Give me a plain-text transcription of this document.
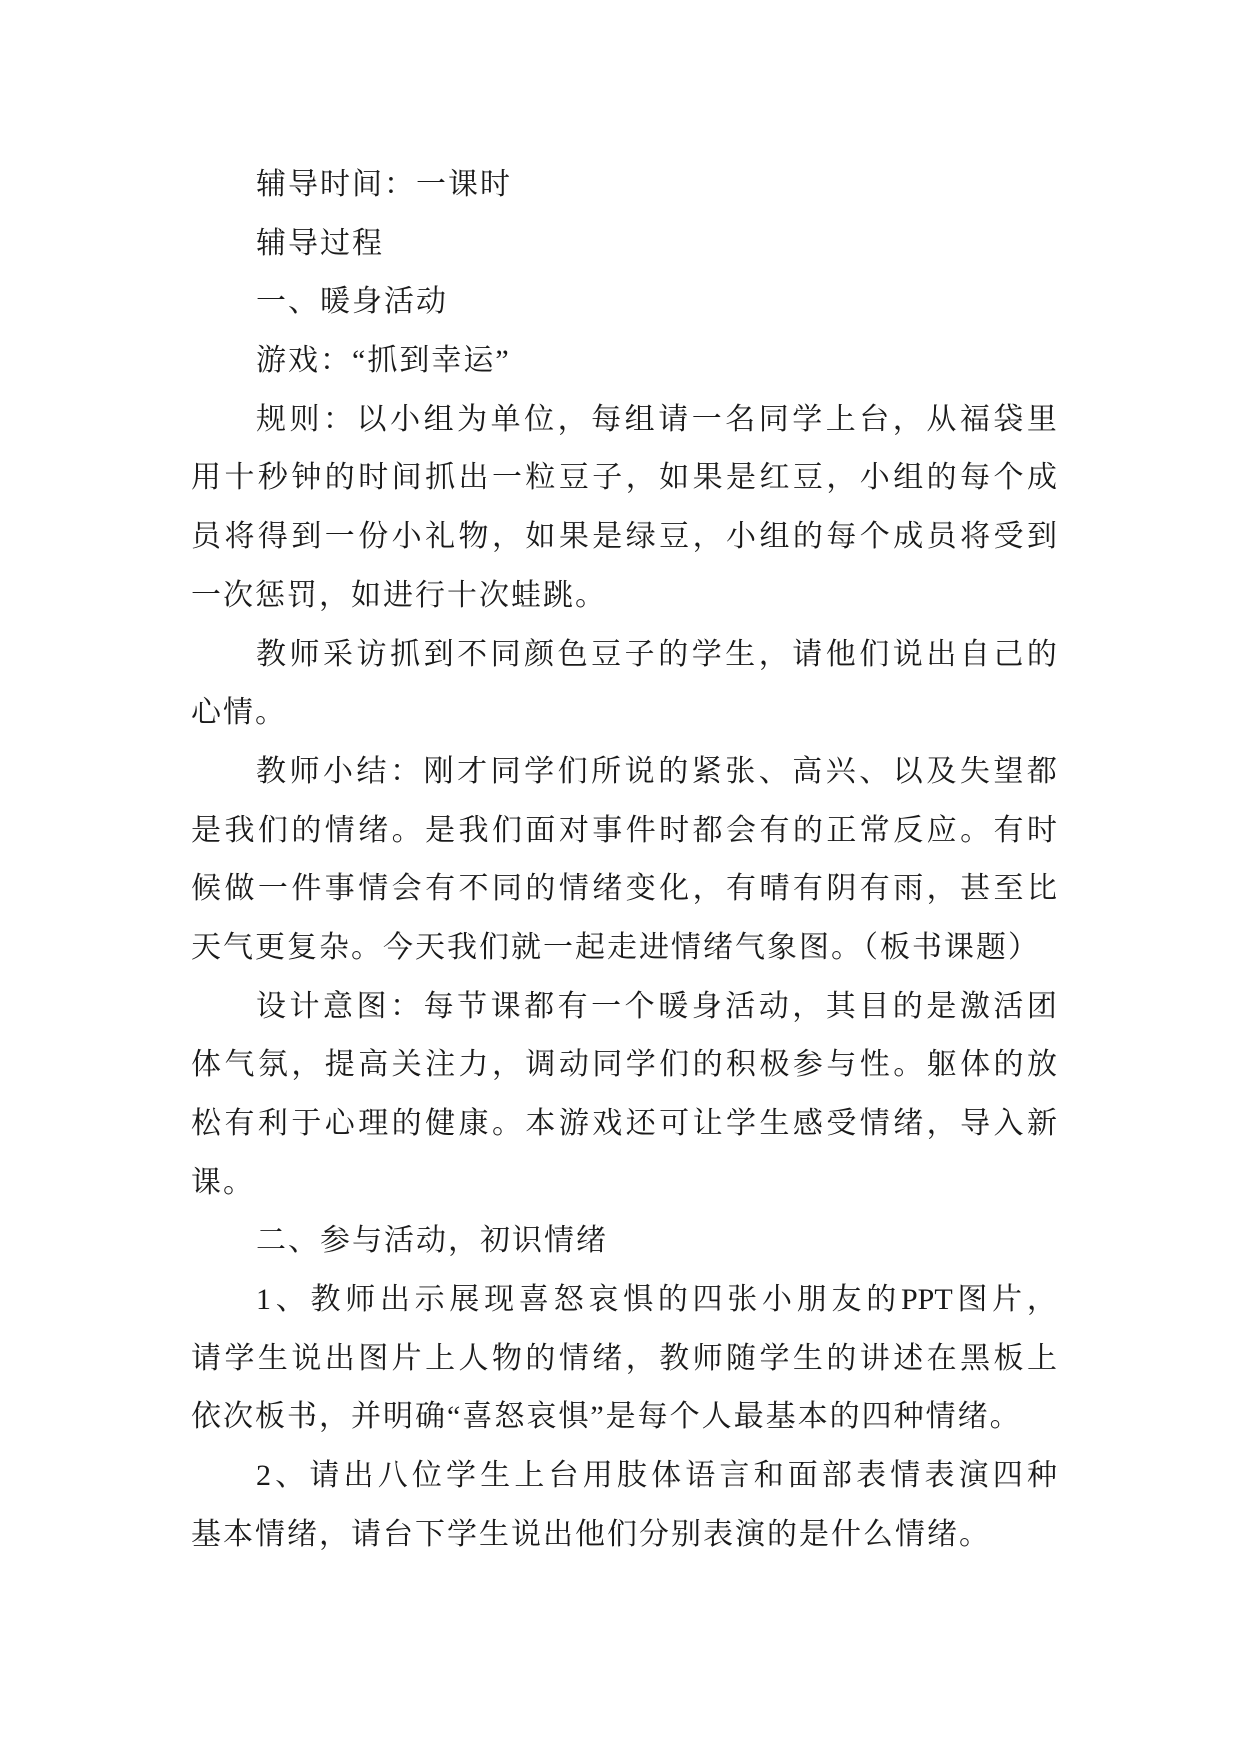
辅导时间：一课时
辅导过程
一、暖身活动
游戏：“抓到幸运”
规 则 ： 以 小 组 为 单 位 ， 每 组 请 一 名 同 学 上 台 ， 从 福 袋 里
用 十 秒 钟 的 时 间 抓 出 一 粒 豆 子 ， 如 果 是 红 豆 ， 小 组 的 每 个 成
员 将 得 到 一 份 小 礼 物 ， 如 果 是 绿 豆 ， 小 组 的 每 个 成 员 将 受 到
一次惩罚，如进行十次蛙跳。
教 师 采 访 抓 到 不 同 颜 色 豆 子 的 学 生 ， 请 他 们 说 出 自 己 的
心情。
教 师 小 结 ： 刚 才 同 学 们 所 说 的 紧 张 、 高 兴 、 以 及 失 望 都
是 我 们 的 情 绪 。 是 我 们 面 对 事 件 时 都 会 有 的 正 常 反 应 。 有 时
候 做 一 件 事 情 会 有 不 同 的 情 绪 变 化 ， 有 晴 有 阴 有 雨 ， 甚 至 比
天气更复杂。今天我们就一起走进情绪气象图。（板书课题）
设 计 意 图 ： 每 节 课 都 有 一 个 暖 身 活 动 ， 其 目 的 是 激 活 团
体 气 氛 ， 提 高 关 注 力 ， 调 动 同 学 们 的 积 极 参 与 性 。 躯 体 的 放
松 有 利 于 心 理 的 健 康 。 本 游 戏 还 可 让 学 生 感 受 情 绪 ， 导 入 新
课。
二、参与活动，初识情绪
1 、 教 师 出 示 展 现 喜 怒 哀 惧 的 四 张 小 朋 友 的 PPT 图 片 ，
请 学 生 说 出 图 片 上 人 物 的 情 绪 ， 教 师 随 学 生 的 讲 述 在 黑 板 上
依次板书，并明确“喜怒哀惧”是每个人最基本的四种情绪。
2 、 请 出 八 位 学 生 上 台 用 肢 体 语 言 和 面 部 表 情 表 演 四 种
基本情绪，请台下学生说出他们分别表演的是什么情绪。
